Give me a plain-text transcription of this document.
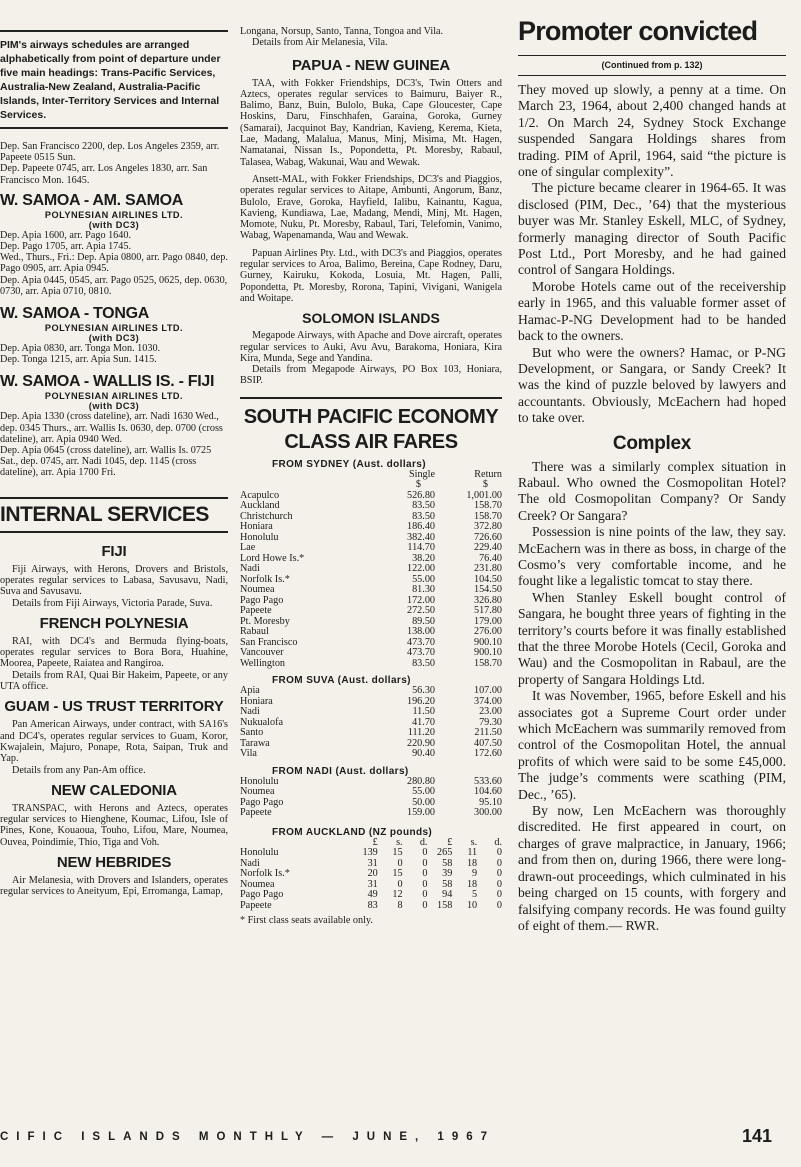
PIM's airways schedules are arranged alphabetically from point of departure under five main headings: Trans-Pacific Services, Australia-New Zealand, Australia-Pacific Islands, Inter-Territory Services and Internal Services.

Dep. San Francisco 2200, dep. Los Angeles 2359, arr. Papeete 0515 Sun.

Dep. Papeete 0745, arr. Los Angeles 1830, arr. San Francisco Mon. 1645.

W. SAMOA - AM. SAMOA

POLYNESIAN AIRLINES LTD.

(with DC3)

Dep. Apia 1600, arr. Pago 1640.

Dep. Pago 1705, arr. Apia 1745.

Wed., Thurs., Fri.: Dep. Apia 0800, arr. Pago 0840, dep. Pago 0905, arr. Apia 0945.

Dep. Apia 0445, 0545, arr. Pago 0525, 0625, dep. 0630, 0730, arr. Apia 0710, 0810.

W. SAMOA - TONGA

POLYNESIAN AIRLINES LTD.

(with DC3)

Dep. Apia 0830, arr. Tonga Mon. 1030.

Dep. Tonga 1215, arr. Apia Sun. 1415.

W. SAMOA - WALLIS IS. - FIJI

POLYNESIAN AIRLINES LTD.

(with DC3)

Dep. Apia 1330 (cross dateline), arr. Nadi 1630 Wed., dep. 0345 Thurs., arr. Wallis Is. 0630, dep. 0700 (cross dateline), arr. Apia 0940 Wed.

Dep. Apia 0645 (cross dateline), arr. Wallis Is. 0725 Sat., dep. 0745, arr. Nadi 1045, dep. 1145 (cross dateline), arr. Apia 1700 Fri.

INTERNAL SERVICES

FIJI

Fiji Airways, with Herons, Drovers and Bristols, operates regular services to Labasa, Savusavu, Nadi, Suva and Savusavu.

Details from Fiji Airways, Victoria Parade, Suva.

FRENCH POLYNESIA

RAI, with DC4's and Bermuda flying-boats, operates regular services to Bora Bora, Huahine, Moorea, Papeete, Raiatea and Rangiroa.

Details from RAI, Quai Bir Hakeim, Papeete, or any UTA office.

GUAM - US TRUST TERRITORY

Pan American Airways, under contract, with SA16's and DC4's, operates regular services to Guam, Koror, Kwajalein, Majuro, Ponape, Rota, Saipan, Truk and Yap.

Details from any Pan-Am office.

NEW CALEDONIA

TRANSPAC, with Herons and Aztecs, operates regular services to Hienghene, Koumac, Lifou, Isle of Pines, Kone, Kouaoua, Touho, Lifou, Mare, Noumea, Ouvea, Poindimie, Thio, Tiga and Voh.

NEW HEBRIDES

Air Melanesia, with Drovers and Islanders, operates regular services to Aneityum, Epi, Erromanga, Lamap,

Longana, Norsup, Santo, Tanna, Tongoa and Vila.

Details from Air Melanesia, Vila.

PAPUA - NEW GUINEA

TAA, with Fokker Friendships, DC3's, Twin Otters and Aztecs, operates regular services to Baimuru, Baiyer R., Balimo, Banz, Buin, Bulolo, Buka, Cape Gloucester, Cape Hoskins, Daru, Finschhafen, Garaina, Goroka, Gurney (Samarai), Jacquinot Bay, Kandrian, Kavieng, Kerema, Kieta, Lae, Madang, Malalua, Manus, Minj, Misima, Mt. Hagen, Namatanai, Nissan Is., Popondetta, Pt. Moresby, Rabaul, Talasea, Wabag, Wakunai, Wau and Wewak.

Ansett-MAL, with Fokker Friendships, DC3's and Piaggios, operates regular services to Aitape, Ambunti, Angorum, Banz, Bulolo, Erave, Goroka, Hayfield, Ialibu, Kainantu, Kagua, Kavieng, Kundiawa, Lae, Madang, Mendi, Minj, Mt. Hagen, Momote, Nuku, Pt. Moresby, Rabaul, Tari, Telefomin, Vanimo, Wabag, Wapenamanda, Wau and Wewak.

Papuan Airlines Pty. Ltd., with DC3's and Piaggios, operates regular services to Aroa, Balimo, Bereina, Cape Rodney, Daru, Gurney, Kairuku, Kokoda, Losuia, Mt. Hagen, Palli, Popondetta, Pt. Moresby, Rorona, Tapini, Vivigani, Wanigela and Woitape.

SOLOMON ISLANDS

Megapode Airways, with Apache and Dove aircraft, operates regular services to Auki, Avu Avu, Barakoma, Honiara, Kira Kira, Munda, Sege and Yandina.

Details from Megapode Airways, PO Box 103, Honiara, BSIP.

SOUTH PACIFIC ECONOMY CLASS AIR FARES

FROM SYDNEY (Aust. dollars)

	Single	Return
	$	$
Acapulco	526.80	1,001.00
Auckland	83.50	158.70
Christchurch	83.50	158.70
Honiara	186.40	372.80
Honolulu	382.40	726.60
Lae	114.70	229.40
Lord Howe Is.*	38.20	76.40
Nadi	122.00	231.80
Norfolk Is.*	55.00	104.50
Noumea	81.30	154.50
Pago Pago	172.00	326.80
Papeete	272.50	517.80
Pt. Moresby	89.50	179.00
Rabaul	138.00	276.00
San Francisco	473.70	900.10
Vancouver	473.70	900.10
Wellington	83.50	158.70

FROM SUVA (Aust. dollars)

Apia	56.30	107.00
Honiara	196.20	374.00
Nadi	11.50	23.00
Nukualofa	41.70	79.30
Santo	111.20	211.50
Tarawa	220.90	407.50
Vila	90.40	172.60

FROM NADI (Aust. dollars)

Honolulu	280.80	533.60
Noumea	55.00	104.60
Pago Pago	50.00	95.10
Papeete	159.00	300.00

FROM AUCKLAND (NZ pounds)

	£	s.	d.	£	s.	d.
Honolulu	139	15	0	265	11	0
Nadi	31	0	0	58	18	0
Norfolk Is.*	20	15	0	39	9	0
Noumea	31	0	0	58	18	0
Pago Pago	49	12	0	94	5	0
Papeete	83	8	0	158	10	0

* First class seats available only.

Promoter convicted

(Continued from p. 132)

They moved up slowly, a penny at a time. On March 23, 1964, about 2,400 changed hands at 1/2. On March 24, Sydney Stock Exchange suspended Sangara Holdings shares from trading. PIM of April, 1964, said “the picture is one of singular complexity”.

The picture became clearer in 1964-65. It was disclosed (PIM, Dec., ’64) that the mysterious buyer was Mr. Stanley Eskell, MLC, of Sydney, formerly managing director of South Pacific Post Ltd., Port Moresby, and he had gained control of Sangara Holdings.

Morobe Hotels came out of the receivership early in 1965, and this valuable former asset of Hamac-P-NG Development had to be handed back to the owners.

But who were the owners? Hamac, or P-NG Development, or Sangara, or Sandy Creek? It was the kind of puzzle beloved by lawyers and accountants. Obviously, McEachern had hoped to take over.

Complex

There was a similarly complex situation in Rabaul. Who owned the Cosmopolitan Hotel? The old Cosmopolitan Company? Or Sandy Creek? Or Sangara?

Possession is nine points of the law, they say. McEachern was in there as boss, in charge of the Cosmo’s very comfortable income, and he fought like a legalistic tomcat to stay there.

When Stanley Eskell bought control of Sangara, he bought three years of fighting in the territory’s courts before it was finally established that the three Morobe Hotels (Cecil, Goroka and Wau) and the Cosmopolitan in Rabaul, are the property of Sangara Holdings Ltd.

It was November, 1965, before Eskell and his associates got a Supreme Court order under which McEachern was summarily removed from control of the Cosmopolitan Hotel, the annual profits of which were said to be some £45,000. The judge’s comments were scathing (PIM, Dec., ’65).

By now, Len McEachern was thoroughly discredited. He first appeared in court, on charges of grave malpractice, in January, 1966; and from then on, during 1966, there were long-drawn-out proceedings, which culminated in his being charged on 15 counts, with forgery and falsifying company records. He was found guilty of eight of them.— RWR.

CIFIC ISLANDS MONTHLY — JUNE, 1967	141
